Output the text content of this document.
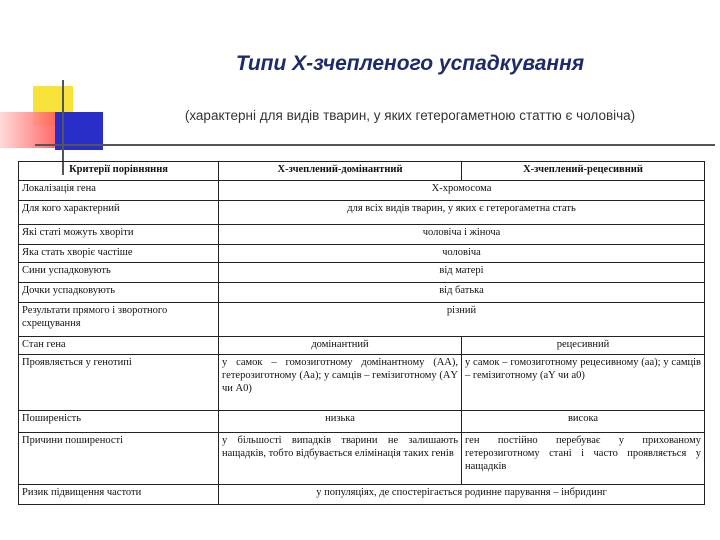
Типи Х-зчепленого успадкування

(характерні для видів тварин, у яких гетерогаметною статтю є чоловіча)

Критерії порівняння	Х-зчеплений-домінантний	Х-зчеплений-рецесивний
Локалізація гена	Х-хромосома	
Для кого характерний	для всіх видів тварин, у яких є гетерогаметна стать	
Які статі можуть хворіти	чоловіча і жіноча	
Яка стать хворіє частіше	чоловіча	
Сини успадковують	від матері	
Дочки успадковують	від батька	
Результати прямого і зворотного схрещування	різний	
Стан гена	домінантний	рецесивний
Проявляється у генотипі	у самок – гомозиготному домінантному (АА), гетерозиготному (Аа); у самців – гемізиготному (АY чи А0)	у самок – гомозиготному рецесивному (аа); у самців – гемізиготному (аY чи а0)
Поширеність	низька	висока
Причини поширеності	у більшості випадків тварини не залишають нащадків, тобто відбувається елімінація таких генів	ген постійно перебуває у прихованому гетерозиготному стані і часто проявляється у нащадків
Ризик підвищення частоти	у популяціях, де спостерігається родинне парування – інбридинг	
